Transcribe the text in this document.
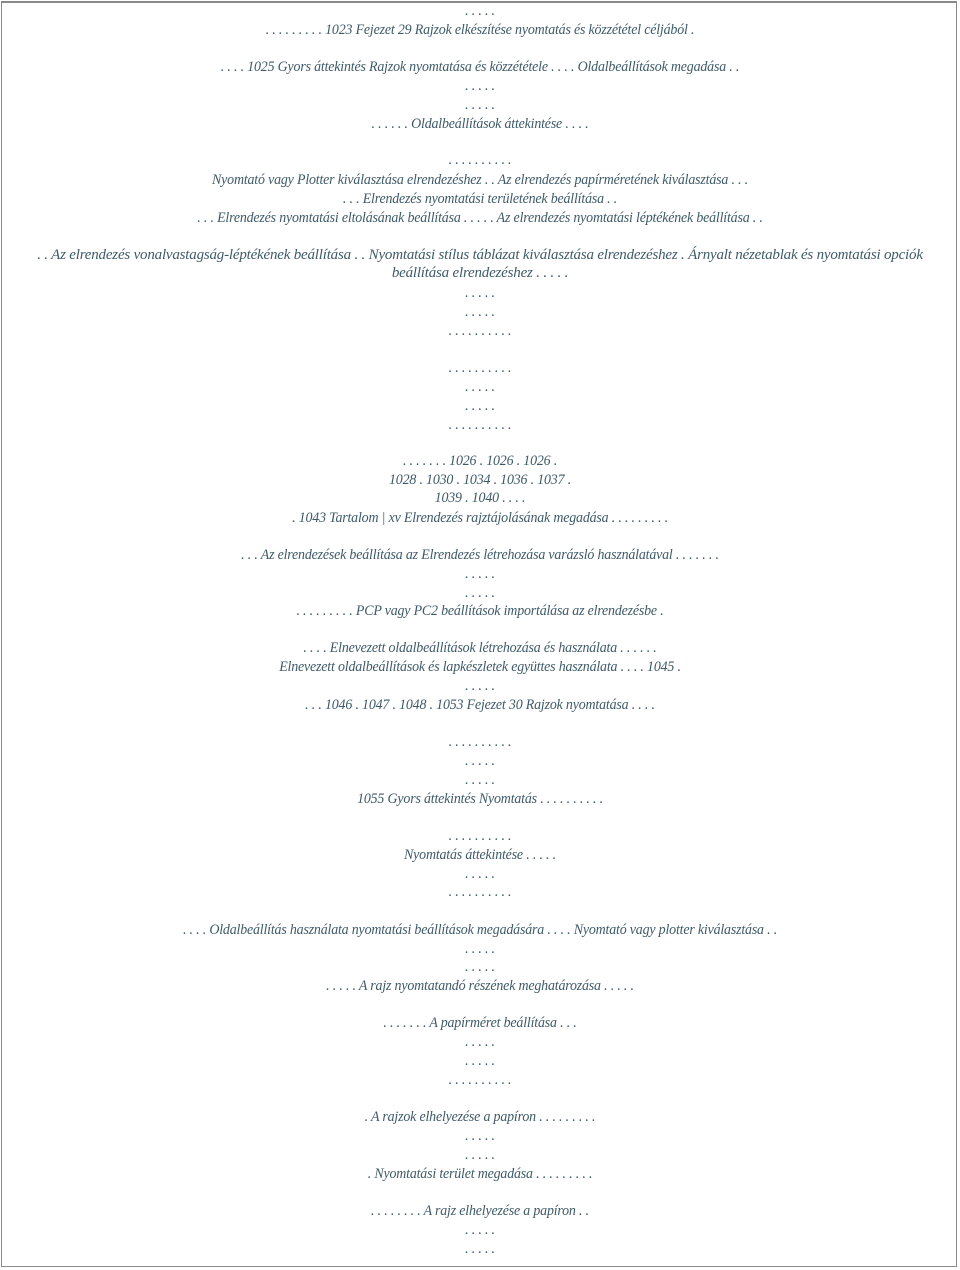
. . . . .
. . . . . . . . . 1023 Fejezet 29 Rajzok elkészítése nyomtatás és közzététel céljából .
. . . . 1025 Gyors áttekintés Rajzok nyomtatása és közzététele . . . . Oldalbeállítások megadása . .
. . . . .
. . . . .
. . . . . . Oldalbeállítások áttekintése . . . .
. . . . . . . . . .
Nyomtató vagy Plotter kiválasztása elrendezéshez . . Az elrendezés papírméretének kiválasztása . . .
. . . Elrendezés nyomtatási területének beállítása . .
. . . Elrendezés nyomtatási eltolásának beállítása . . . . . Az elrendezés nyomtatási léptékének beállítása . .
. . Az elrendezés vonalvastagság-léptékének beállítása . . Nyomtatási stílus táblázat kiválasztása elrendezéshez . Árnyalt nézetablak és nyomtatási opciók beállítása elrendezéshez . . . . .
. . . . .
. . . . .
. . . . . . . . . .
. . . . . . . . . .
. . . . .
. . . . .
. . . . . . . . . .
. . . . . . . 1026 . 1026 . 1026 .
1028 . 1030 . 1034 . 1036 . 1037 .
1039 . 1040 . . . .
. 1043 Tartalom | xv Elrendezés rajztájolásának megadása . . . . . . . . .
. . . Az elrendezések beállítása az Elrendezés létrehozása varázsló használatával . . . . . . .
. . . . .
. . . . .
. . . . . . . . . PCP vagy PC2 beállítások importálása az elrendezésbe .
. . . . Elnevezett oldalbeállítások létrehozása és használata . . . . . .
Elnevezett oldalbeállítások és lapkészletek együttes használata . . . . 1045 .
. . . . .
. . . 1046 . 1047 . 1048 . 1053 Fejezet 30 Rajzok nyomtatása . . . .
. . . . . . . . . .
. . . . .
. . . . .
1055 Gyors áttekintés Nyomtatás . . . . . . . . . .
. . . . . . . . . .
Nyomtatás áttekintése . . . . .
. . . . .
. . . . . . . . . .
. . . . Oldalbeállítás használata nyomtatási beállítások megadására . . . . Nyomtató vagy plotter kiválasztása . .
. . . . .
. . . . .
. . . . . A rajz nyomtatandó részének meghatározása . . . . .
. . . . . . . A papírméret beállítása . . .
. . . . .
. . . . .
. . . . . . . . . .
. A rajzok elhelyezése a papíron . . . . . . . . .
. . . . .
. . . . .
. Nyomtatási terület megadása . . . . . . . . .
. . . . . . . . A rajz elhelyezése a papíron . .
. . . . .
. . . . .
